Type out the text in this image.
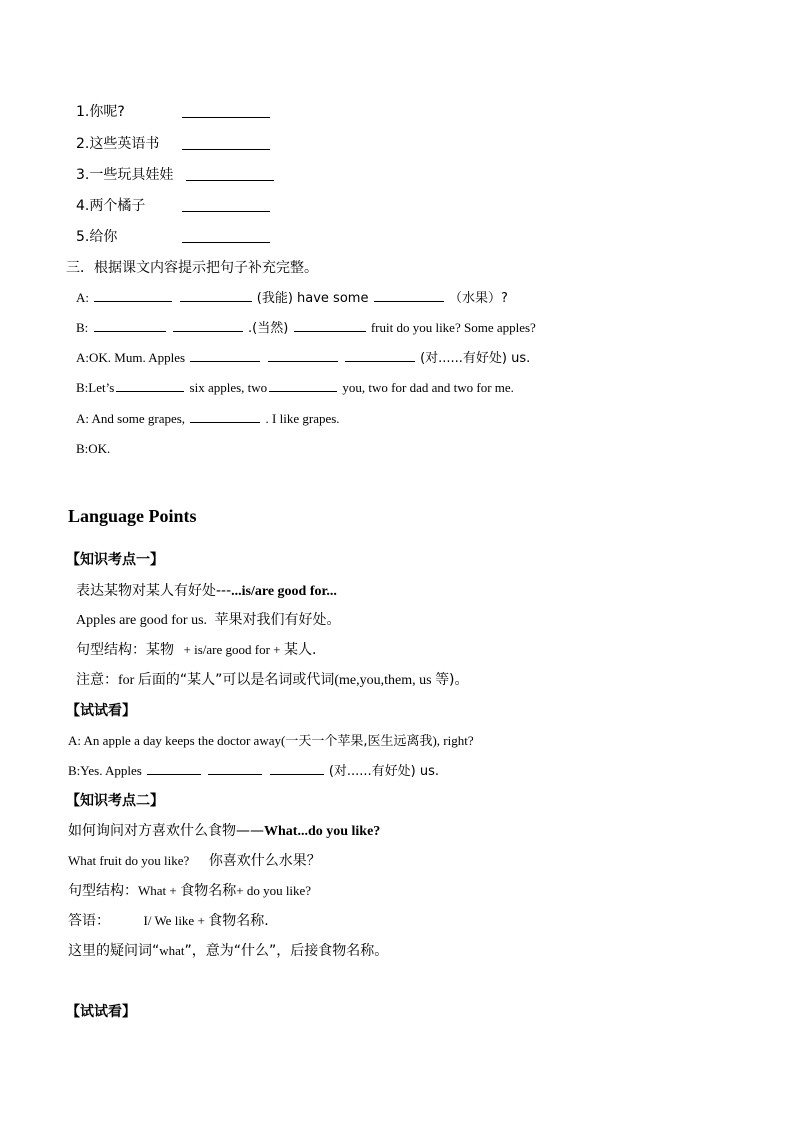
1.你呢?
2.这些英语书
3.一些玩具娃娃
4.两个橘子
5.给你
三．根据课文内容提示把句子补充完整。
A:	(我能) have some	（水果）?
B:	.(当然)	fruit do you like? Some apples?
A:OK. Mum. Apples	(对......有好处) us.
B:Let’s	six apples, two	you, two for dad and two for me.
A: And some grapes,	. I like grapes.
B:OK.
Language Points
【知识考点一】
表达某物对某人有好处---...is/are good for...
Apples are good for us. 苹果对我们有好处。
句型结构：某物 + is/are good for + 某人.
注意：for 后面的“某人”可以是名词或代词(me,you,them, us 等)。
【试试看】
A: An apple a day keeps the doctor away(一天一个苹果,医生远离我), right?
B:Yes. Apples	(对......有好处) us.
【知识考点二】
如何询问对方喜欢什么食物——What...do you like?
What fruit do you like? 你喜欢什么水果？
句型结构：What + 食物名称+ do you like?
答语：	I/ We like + 食物名称.
这里的疑问词“what”，意为“什么”，后接食物名称。
【试试看】
